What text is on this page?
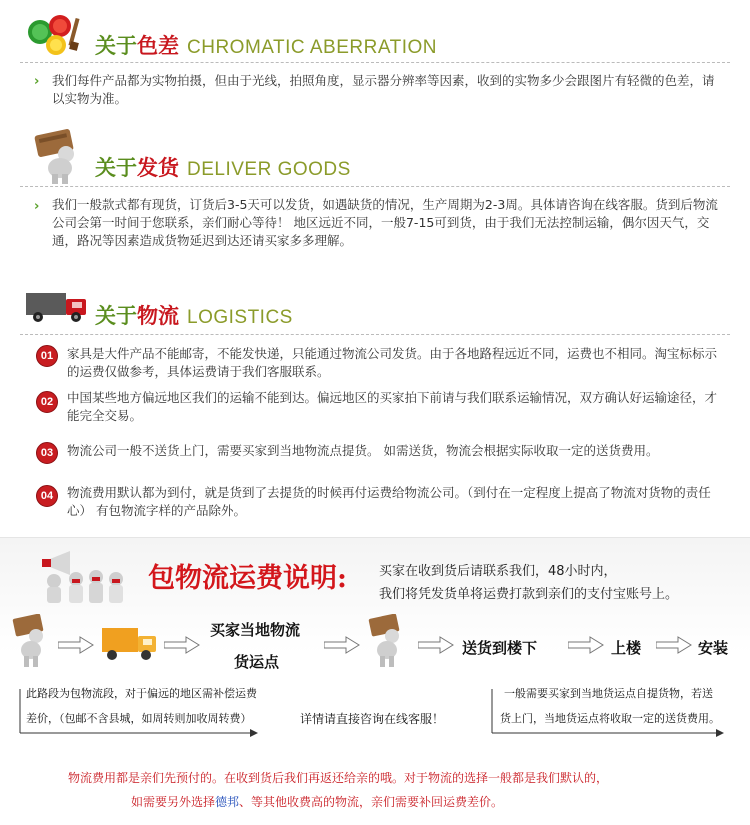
关于 色差 CHROMATIC ABERRATION
› 我们每件产品都为实物拍摄，但由于光线，拍照角度，显示器分辨率等因素，收到的实物多少会跟图片有轻微的色差，请以实物为准。
关于 发货 DELIVER GOODS
› 我们一般款式都有现货，订货后3-5天可以发货，如遇缺货的情况，生产周期为2-3周。具体请咨询在线客服。货到后物流公司会第一时间于您联系，亲们耐心等待！ 地区远近不同，一般7-15可到货，由于我们无法控制运输，偶尔因天气，交通，路况等因素造成货物延迟到达还请买家多多理解。
关于 物流 LOGISTICS
01	家具是大件产品不能邮寄，不能发快递，只能通过物流公司发货。由于各地路程远近不同，运费也不相同。淘宝标标示的运费仅做参考，具体运费请于我们客服联系。
02	中国某些地方偏远地区我们的运输不能到达。偏远地区的买家拍下前请与我们联系运输情况，双方确认好运输途径，才能完全交易。
03	物流公司一般不送货上门，需要买家到当地物流点提货。 如需送货，物流会根据实际收取一定的送货费用。
04	物流费用默认都为到付，就是货到了去提货的时候再付运费给物流公司。（到付在一定程度上提高了物流对货物的责任心） 有包物流字样的产品除外。
包物流运费说明: 买家在收到货后请联系我们，48小时内，
我们将凭发货单将运费打款到亲们的支付宝账号上。
买家当地物流
货运点
送货到楼下	上楼	安装
此路段为包物流段，对于偏远的地区需补偿运费
差价，（包邮不含县城，如周转则加收周转费）	详情请直接咨询在线客服！
一般需要买家到当地货运点自提货物，若送
货上门，当地货运点将收取一定的送货费用。
物流费用都是亲们先预付的。在收到货后我们再返还给亲的哦。对于物流的选择一般都是我们默认的，
如需要另外选择德邦、等其他收费高的物流，亲们需要补回运费差价。
